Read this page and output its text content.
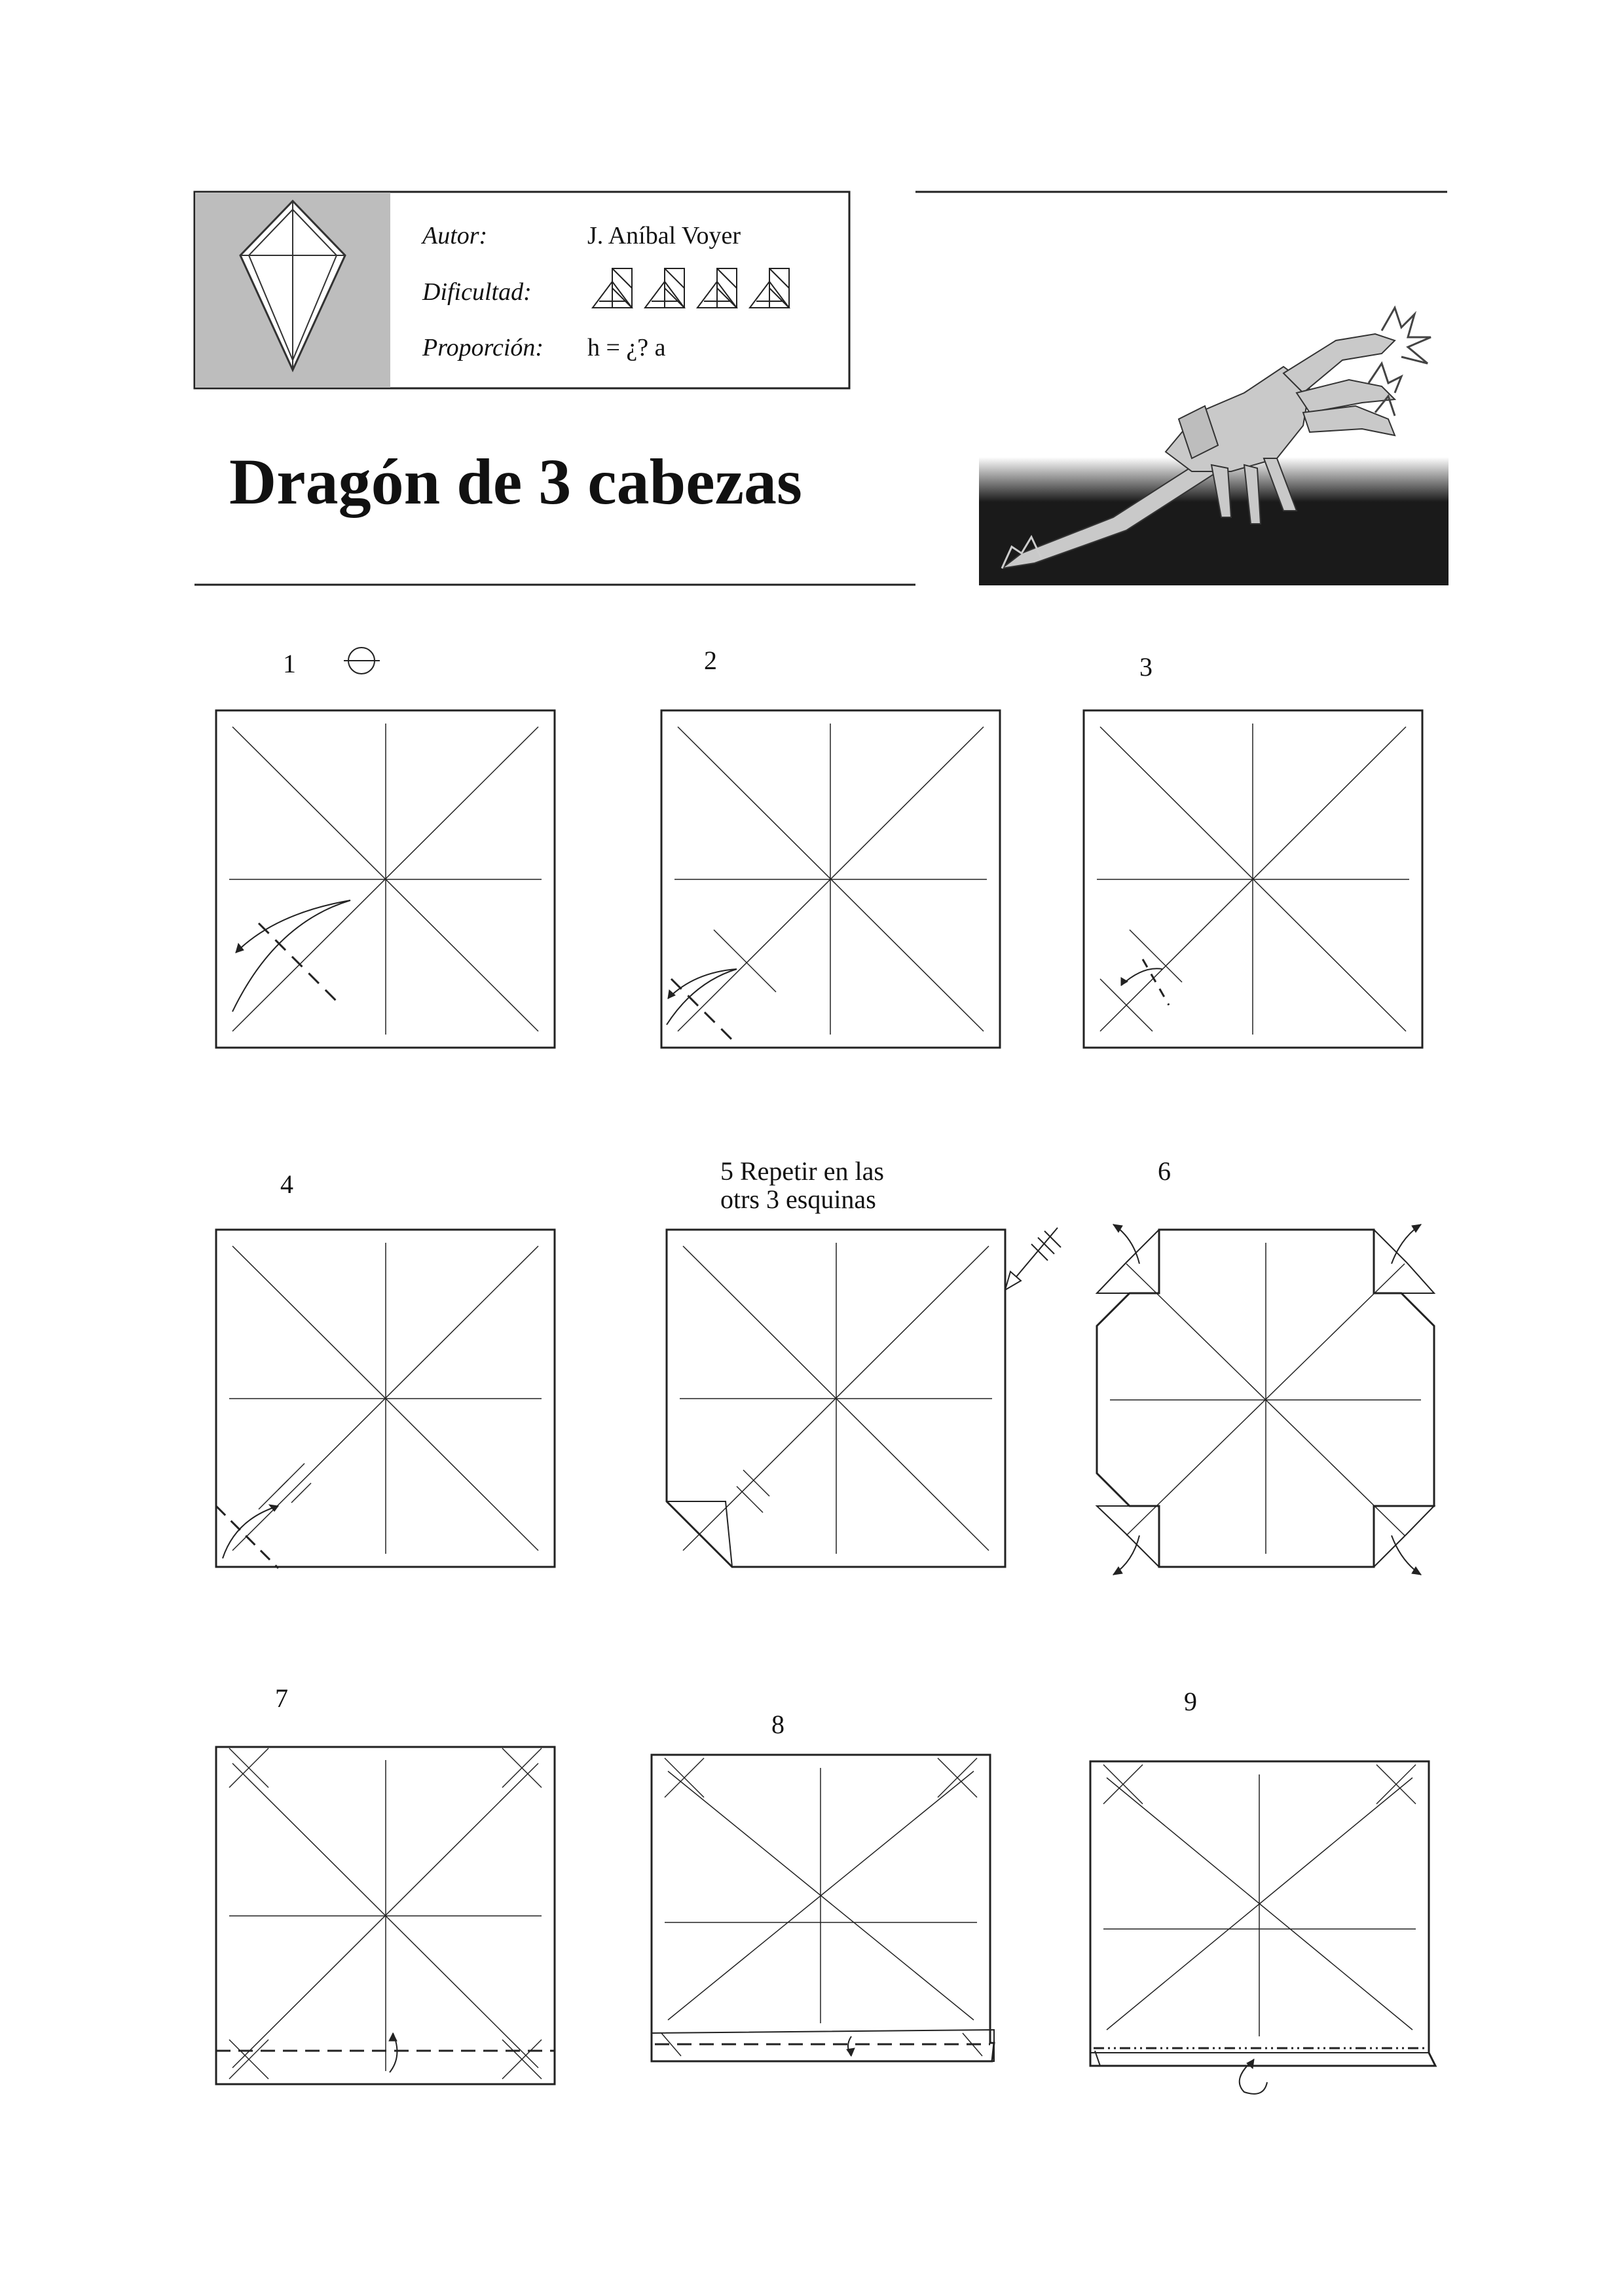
Autor:	J. Aníbal Voyer
Dificultad:
Proporción: h = ¿? a
Dragón de 3 cabezas
1	2	3
4	5 Repetir en las
otrs 3 esquinas
6
7
8
9
